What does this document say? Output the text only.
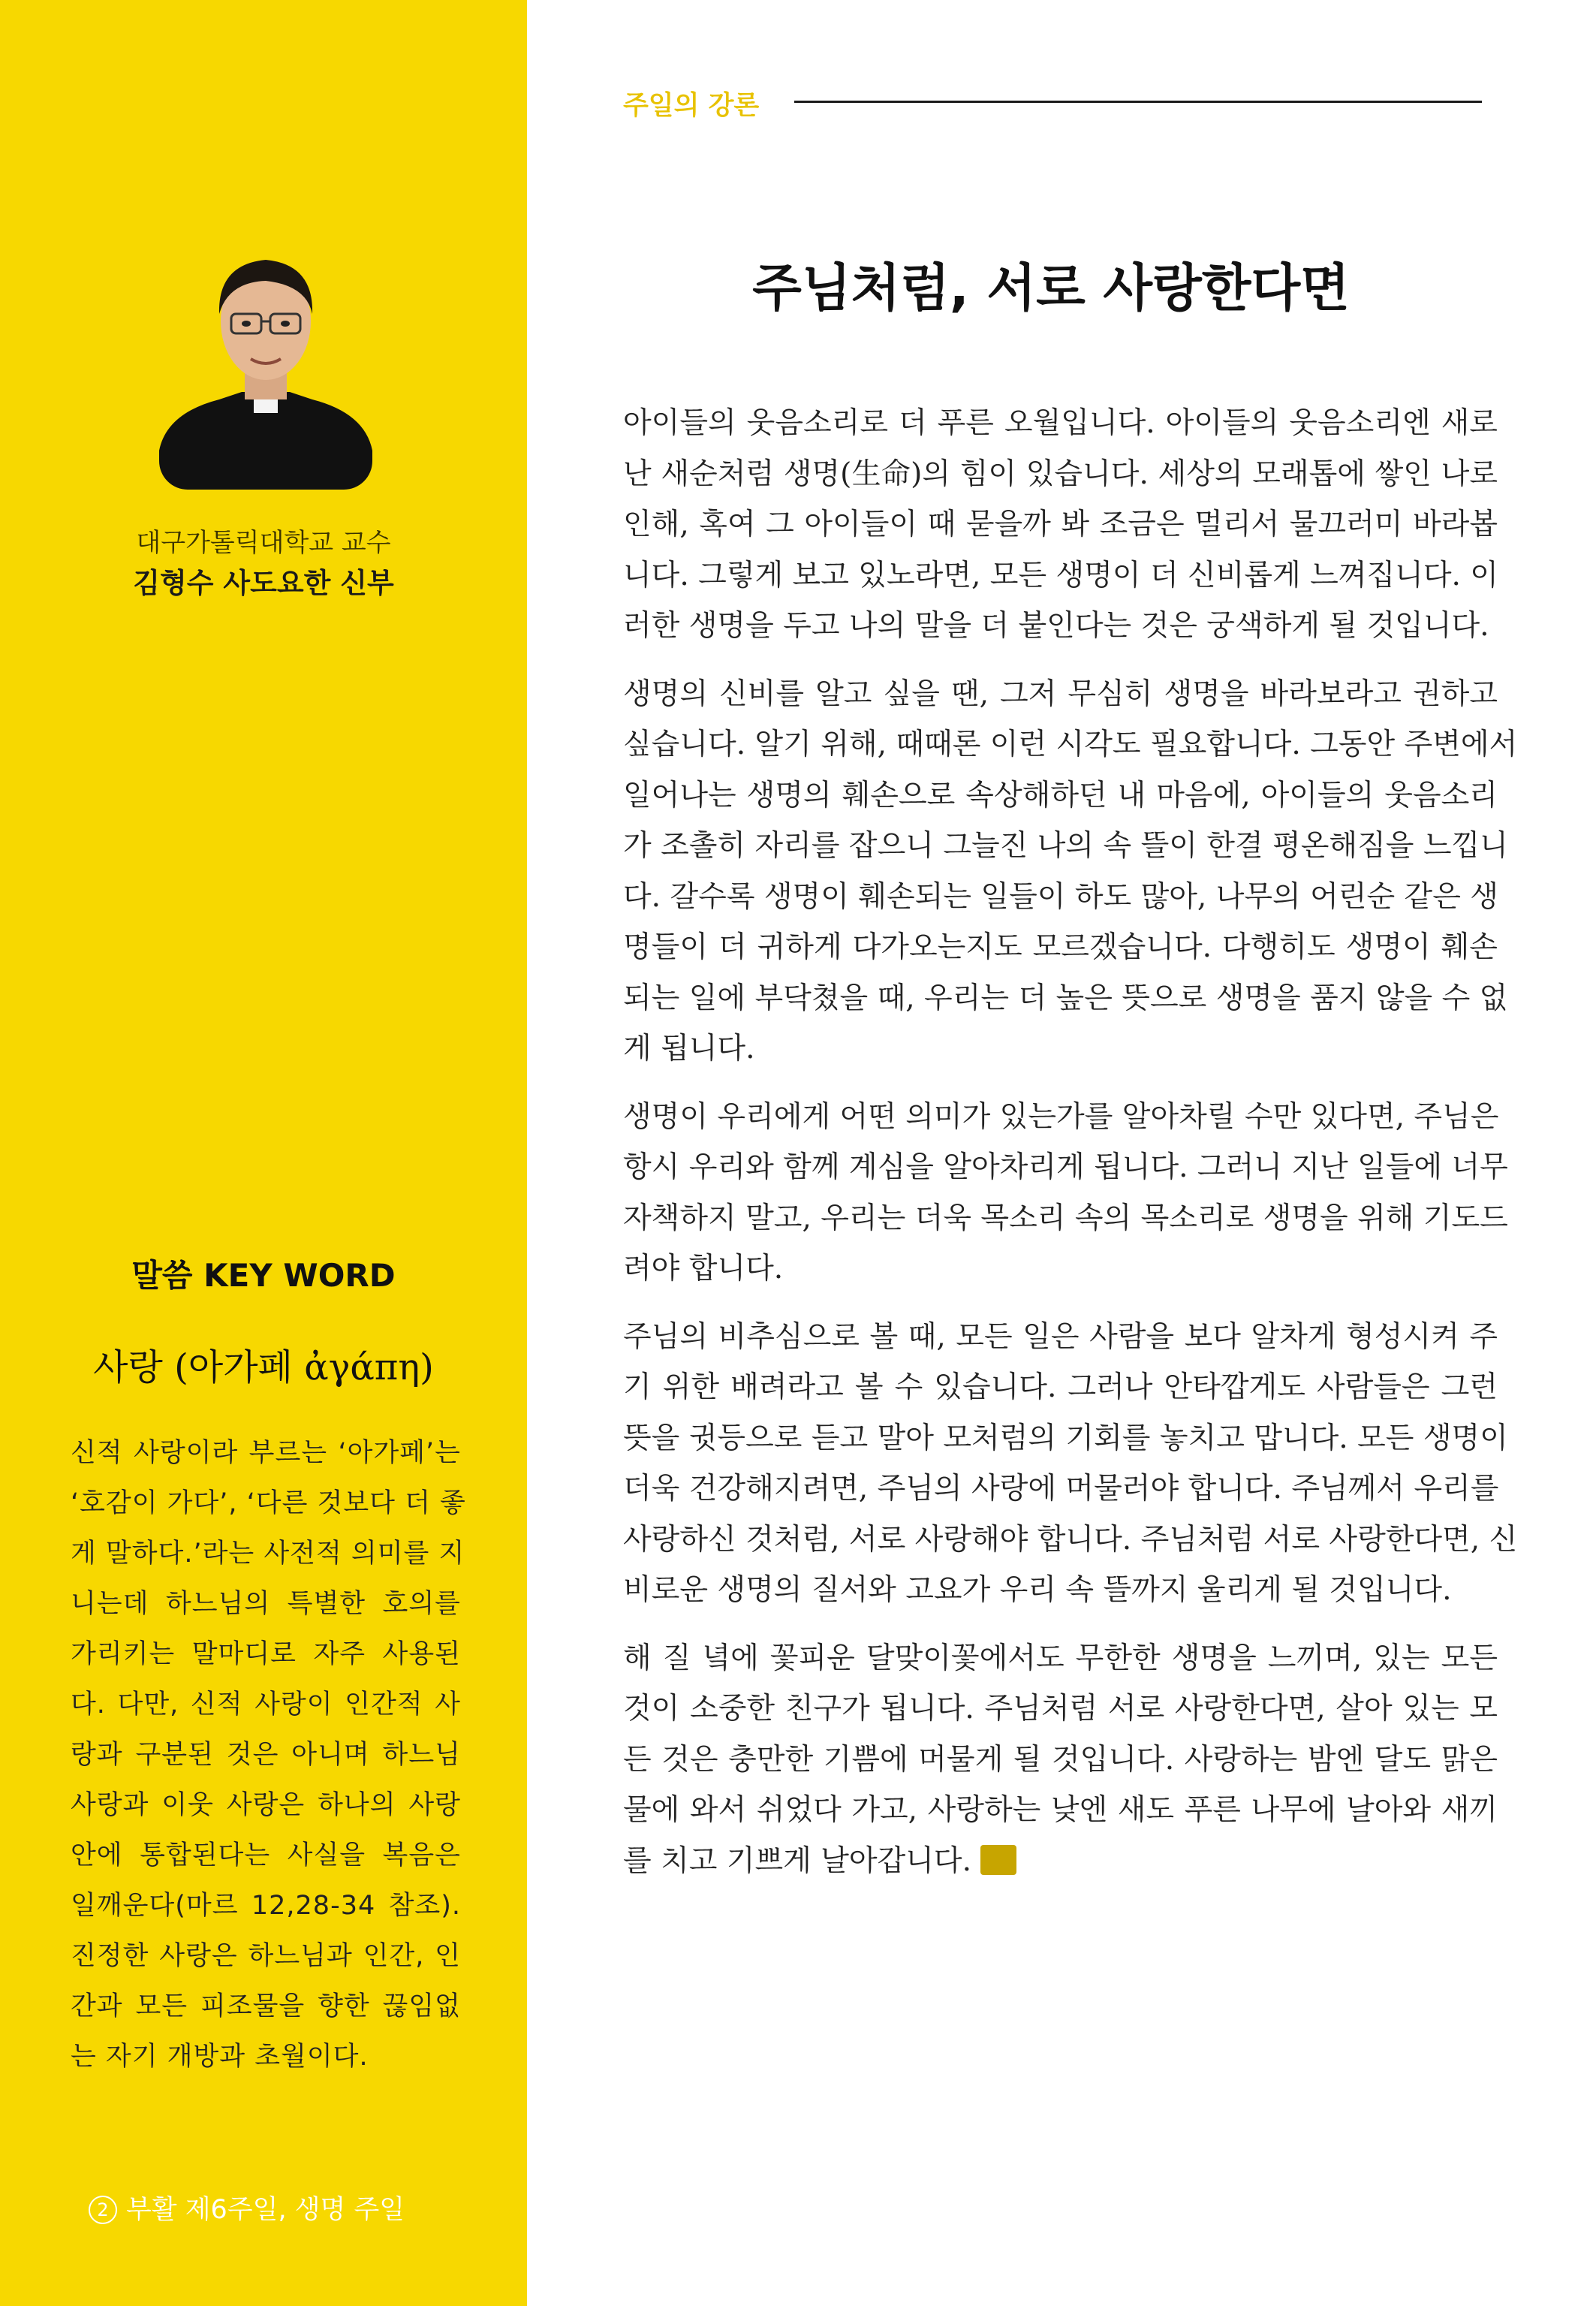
대구가톨릭대학교 교수
김형수 사도요한 신부
말씀 KEY WORD
사랑 (아가페 ἀγάπη)
신적 사랑이라 부르는 ‘아가페’는
‘호감이 가다’, ‘다른 것보다 더 좋
게 말하다.’라는 사전적 의미를 지
니는데 하느님의 특별한 호의를
가리키는 말마디로 자주 사용된
다. 다만, 신적 사랑이 인간적 사
랑과 구분된 것은 아니며 하느님
사랑과 이웃 사랑은 하나의 사랑
안에 통합된다는 사실을 복음은
일깨운다(마르 12,28-34 참조).
진정한 사랑은 하느님과 인간, 인
간과 모든 피조물을 향한 끊임없
는 자기 개방과 초월이다.
2 부활 제6주일, 생명 주일
주일의 강론
주님처럼, 서로 사랑한다면

아이들의 웃음소리로 더 푸른 오월입니다. 아이들의 웃음소리엔 새로
난 새순처럼 생명(生命)의 힘이 있습니다. 세상의 모래톱에 쌓인 나로
인해, 혹여 그 아이들이 때 묻을까 봐 조금은 멀리서 물끄러미 바라봅
니다. 그렇게 보고 있노라면, 모든 생명이 더 신비롭게 느껴집니다. 이
러한 생명을 두고 나의 말을 더 붙인다는 것은 궁색하게 될 것입니다.

생명의 신비를 알고 싶을 땐, 그저 무심히 생명을 바라보라고 권하고
싶습니다. 알기 위해, 때때론 이런 시각도 필요합니다. 그동안 주변에서
일어나는 생명의 훼손으로 속상해하던 내 마음에, 아이들의 웃음소리
가 조촐히 자리를 잡으니 그늘진 나의 속 뜰이 한결 평온해짐을 느낍니
다. 갈수록 생명이 훼손되는 일들이 하도 많아, 나무의 어린순 같은 생
명들이 더 귀하게 다가오는지도 모르겠습니다. 다행히도 생명이 훼손
되는 일에 부닥쳤을 때, 우리는 더 높은 뜻으로 생명을 품지 않을 수 없
게 됩니다.

생명이 우리에게 어떤 의미가 있는가를 알아차릴 수만 있다면, 주님은
항시 우리와 함께 계심을 알아차리게 됩니다. 그러니 지난 일들에 너무
자책하지 말고, 우리는 더욱 목소리 속의 목소리로 생명을 위해 기도드
려야 합니다.

주님의 비추심으로 볼 때, 모든 일은 사람을 보다 알차게 형성시켜 주
기 위한 배려라고 볼 수 있습니다. 그러나 안타깝게도 사람들은 그런
뜻을 귓등으로 듣고 말아 모처럼의 기회를 놓치고 맙니다. 모든 생명이
더욱 건강해지려면, 주님의 사랑에 머물러야 합니다. 주님께서 우리를
사랑하신 것처럼, 서로 사랑해야 합니다. 주님처럼 서로 사랑한다면, 신
비로운 생명의 질서와 고요가 우리 속 뜰까지 울리게 될 것입니다.

해 질 녘에 꽃피운 달맞이꽃에서도 무한한 생명을 느끼며, 있는 모든
것이 소중한 친구가 됩니다. 주님처럼 서로 사랑한다면, 살아 있는 모
든 것은 충만한 기쁨에 머물게 될 것입니다. 사랑하는 밤엔 달도 맑은
물에 와서 쉬었다 가고, 사랑하는 낮엔 새도 푸른 나무에 날아와 새끼
를 치고 기쁘게 날아갑니다.
